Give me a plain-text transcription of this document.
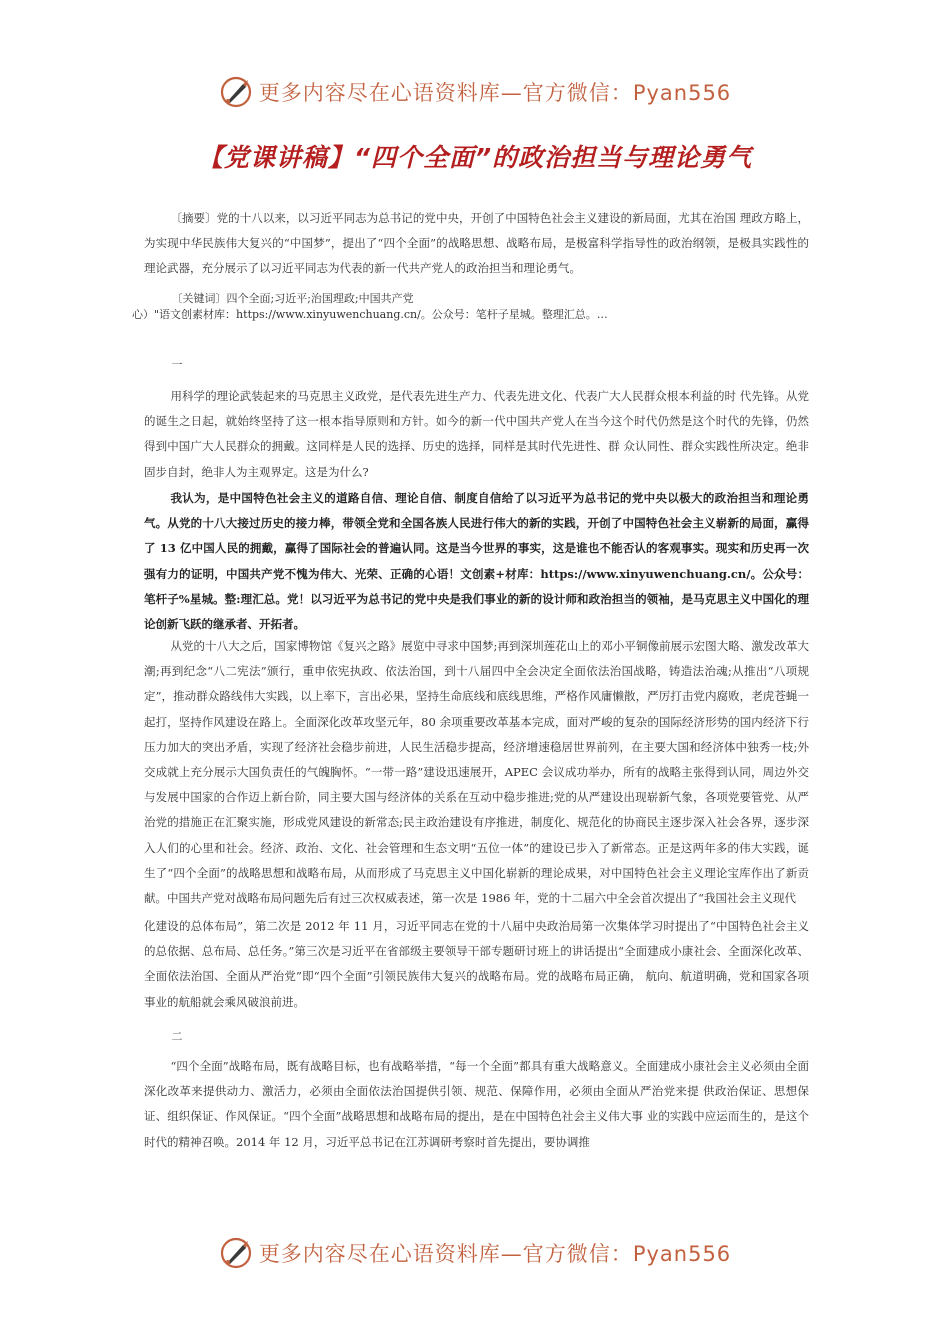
更多内容尽在心语资料库—官方微信：Pyan556
【党课讲稿】“四个全面”的政治担当与理论勇气

〔摘要〕党的十八以来，以习近平同志为总书记的党中央，开创了中国特色社会主义建设的新局面，尤其在治国 理政方略上，为实现中华民族伟大复兴的“中国梦”，提出了“四个全面”的战略思想、战略布局，是极富科学指导性的政治纲领，是极具实践性的理论武器，充分展示了以习近平同志为代表的新一代共产党人的政治担当和理论勇气。

〔关键词〕四个全面;习近平;治国理政;中国共产党

心）"语文创素材库：https://www.xinyuwenchuang.cn/。公众号：笔杆子星城。整理汇总。…

一

用科学的理论武装起来的马克思主义政党，是代表先进生产力、代表先进文化、代表广大人民群众根本利益的时 代先锋。从党的诞生之日起，就始终坚持了这一根本指导原则和方针。如今的新一代中国共产党人在当今这个时代仍然是这个时代的先锋，仍然得到中国广大人民群众的拥戴。这同样是人民的选择、历史的选择，同样是其时代先进性、群 众认同性、群众实践性所决定。绝非固步自封，绝非人为主观界定。这是为什么?

我认为，是中国特色社会主义的道路自信、理论自信、制度自信给了以习近平为总书记的党中央以极大的政治担当和理论勇气。从党的十八大接过历史的接力棒，带领全党和全国各族人民进行伟大的新的实践，开创了中国特色社会主义崭新的局面，赢得了 13 亿中国人民的拥戴，赢得了国际社会的普遍认同。这是当今世界的事实，这是谁也不能否认的客观事实。现实和历史再一次强有力的证明，中国共产党不愧为伟大、光荣、正确的心语！文创素+材库：https://www.xinyuwenchuang.cn/。公众号：笔杆子%星城。整:理汇总。党！以习近平为总书记的党中央是我们事业的新的设计师和政治担当的领袖，是马克思主义中国化的理论创新飞跃的继承者、开拓者。

从党的十八大之后，国家博物馆《复兴之路》展览中寻求中国梦;再到深圳莲花山上的邓小平铜像前展示宏图大略、激发改革大潮;再到纪念“八二宪法”颁行，重申依宪执政、依法治国，到十八届四中全会决定全面依法治国战略，铸造法治魂;从推出“八项规定”，推动群众路线伟大实践，以上率下，言出必果，坚持生命底线和底线思维，严格作风庸懒散，严厉打击党内腐败，老虎苍蝇一起打，坚持作风建设在路上。全面深化改革攻坚元年，80 余项重要改革基本完成，面对严峻的复杂的国际经济形势的国内经济下行压力加大的突出矛盾，实现了经济社会稳步前进，人民生活稳步提高，经济增速稳居世界前列，在主要大国和经济体中独秀一枝;外交成就上充分展示大国负责任的气魄胸怀。“一带一路”建设迅速展开，APEC 会议成功举办，所有的战略主张得到认同，周边外交与发展中国家的合作迈上新台阶，同主要大国与经济体的关系在互动中稳步推进;党的从严建设出现崭新气象，各项党要管党、从严治党的措施正在汇聚实施，形成党风建设的新常态;民主政治建设有序推进，制度化、规范化的协商民主逐步深入社会各界，逐步深入人们的心里和社会。经济、政治、文化、社会管理和生态文明“五位一体”的建设已步入了新常态。正是这两年多的伟大实践，诞生了“四个全面”的战略思想和战略布局，从而形成了马克思主义中国化崭新的理论成果，对中国特色社会主义理论宝库作出了新贡献。中国共产党对战略布局问题先后有过三次权威表述，第一次是 1986 年，党的十二届六中全会首次提出了“我国社会主义现代

化建设的总体布局”，第二次是 2012 年 11 月，习近平同志在党的十八届中央政治局第一次集体学习时提出了“中国特色社会主义的总依据、总布局、总任务。”第三次是习近平在省部级主要领导干部专题研讨班上的讲话提出“全面建成小康社会、全面深化改革、全面依法治国、全面从严治党”即“四个全面”引领民族伟大复兴的战略布局。党的战略布局正确， 航向、航道明确，党和国家各项事业的航船就会乘风破浪前进。

二

“四个全面”战略布局，既有战略目标，也有战略举措，“每一个全面”都具有重大战略意义。全面建成小康社会主义必须由全面深化改革来提供动力、激活力，必须由全面依法治国提供引领、规范、保障作用，必须由全面从严治党来提 供政治保证、思想保证、组织保证、作风保证。“四个全面”战略思想和战略布局的提出，是在中国特色社会主义伟大事 业的实践中应运而生的，是这个时代的精神召唤。2014 年 12 月，习近平总书记在江苏调研考察时首先提出，要协调推

更多内容尽在心语资料库—官方微信：Pyan556
